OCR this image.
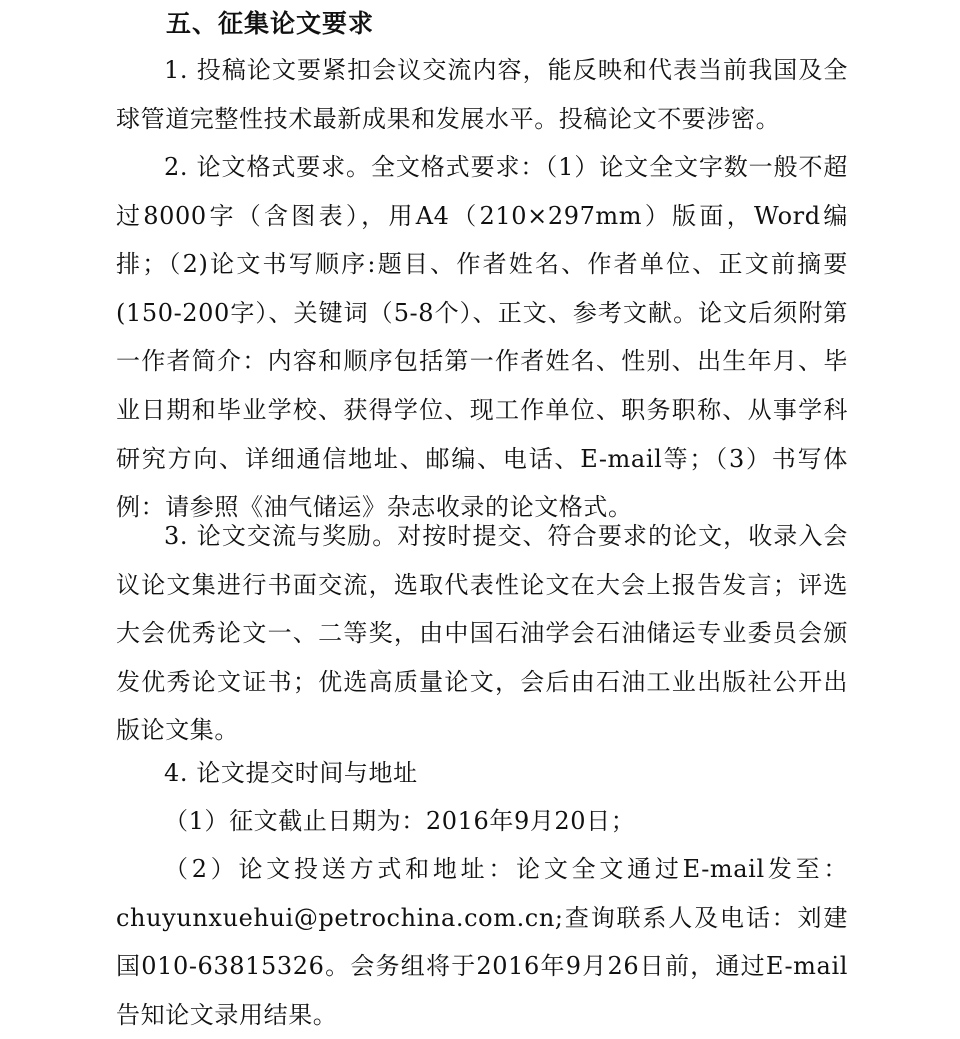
五、征集论文要求
1. 投稿论文要紧扣会议交流内容，能反映和代表当前我国及全球管道完整性技术最新成果和发展水平。投稿论文不要涉密。
2. 论文格式要求。全文格式要求：（1）论文全文字数一般不超过8000字（含图表），用A4（210×297mm）版面，Word编排；（2)论文书写顺序:题目、作者姓名、作者单位、正文前摘要(150-200字）、关键词（5-8个）、正文、参考文献。论文后须附第一作者简介：内容和顺序包括第一作者姓名、性别、出生年月、毕业日期和毕业学校、获得学位、现工作单位、职务职称、从事学科研究方向、详细通信地址、邮编、电话、E-mail等；（3）书写体例：请参照《油气储运》杂志收录的论文格式。
3. 论文交流与奖励。对按时提交、符合要求的论文，收录入会议论文集进行书面交流，选取代表性论文在大会上报告发言；评选大会优秀论文一、二等奖，由中国石油学会石油储运专业委员会颁发优秀论文证书；优选高质量论文，会后由石油工业出版社公开出版论文集。
4. 论文提交时间与地址
（1）征文截止日期为：2016年9月20日；
（2）论文投送方式和地址：论文全文通过E-mail发至：chuyunxuehui@petrochina.com.cn;查询联系人及电话：刘建国010-63815326。会务组将于2016年9月26日前，通过E-mail告知论文录用结果。
